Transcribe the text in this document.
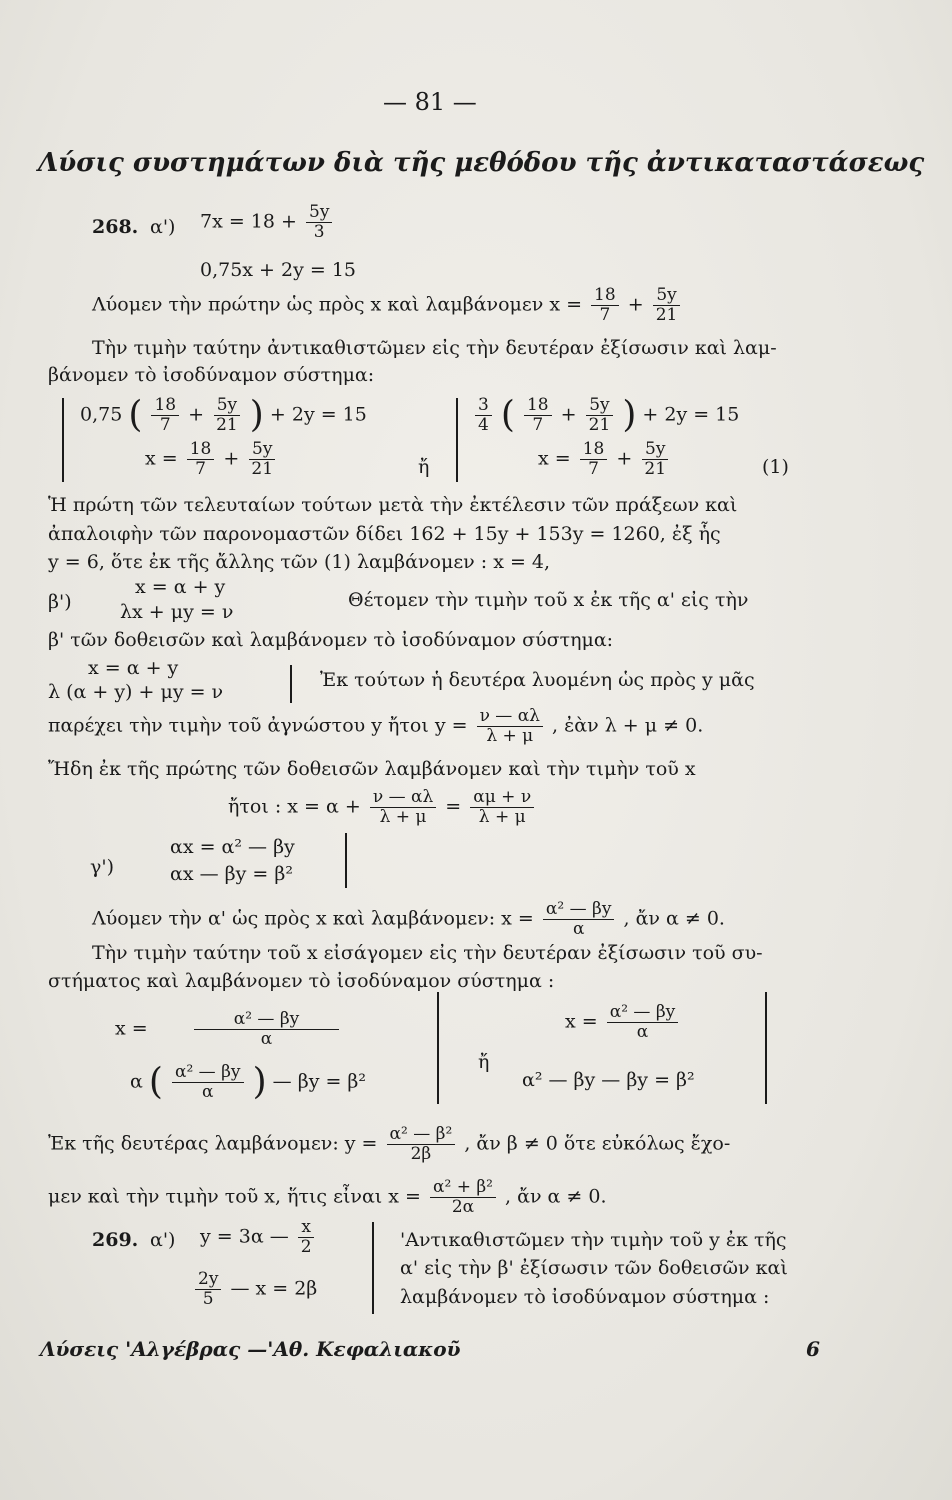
— 81 —
Λύσις συστημάτων διὰ τῆς μεθόδου τῆς ἀντικαταστάσεως
268. α') $7x = 18 + \frac{5y}{3}$
0,75x + 2y = 15
Λύομεν τὴν πρώτην ὡς πρὸς x καὶ λαμβάνομεν $x = \frac{18}{7} + \frac{5y}{21}$
Τὴν τιμὴν ταύτην ἀντικαθιστῶμεν εἰς τὴν δευτέραν ἐξίσωσιν καὶ λαμ-
βάνομεν τὸ ἰσοδύναμον σύστημα:
0,75 ( $\frac{18}{7} + \frac{5y}{21}$ ) + 2y = 15
$x = \frac{18}{7} + \frac{5y}{21}$	ἤ
$\frac{3}{4}$ ( $\frac{18}{7} + \frac{5y}{21}$ ) + 2y = 15
$x = \frac{18}{7} + \frac{5y}{21}$	(1)
Ἡ πρώτη τῶν τελευταίων τούτων μετὰ τὴν ἐκτέλεσιν τῶν πράξεων καὶ
ἀπαλοιφὴν τῶν παρονομαστῶν δίδει 162 + 15y + 153y = 1260, ἐξ ἧς
y = 6, ὅτε ἐκ τῆς ἄλλης τῶν (1) λαμβάνομεν : x = 4,
β')
x = α + y
λx + μy = ν
Θέτομεν τὴν τιμὴν τοῦ x ἐκ τῆς α' εἰς τὴν
β' τῶν δοθεισῶν καὶ λαμβάνομεν τὸ ἰσοδύναμον σύστημα:
x = α + y
λ (α + y) + μy = ν
Ἐκ τούτων ἡ δευτέρα λυομένη ὡς πρὸς y μᾶς
παρέχει τὴν τιμὴν τοῦ ἀγνώστου y ἤτοι $y = \frac{\nu — \alpha\lambda}{\lambda + \mu}$ , ἐὰν λ + μ ≠ 0.
Ἤδη ἐκ τῆς πρώτης τῶν δοθεισῶν λαμβάνομεν καὶ τὴν τιμὴν τοῦ x
ἤτοι : $x = \alpha + \frac{\nu — \alpha\lambda}{\lambda + \mu} = \frac{\alpha\mu + \nu}{\lambda + \mu}$
γ')
αx = α² — βy
αx — βy = β²
Λύομεν τὴν α' ὡς πρὸς x καὶ λαμβάνομεν: $x = \frac{\text{α² — βy}}{\alpha}$ , ἄν α ≠ 0.
Τὴν τιμὴν ταύτην τοῦ x εἰσάγομεν εἰς τὴν δευτέραν ἐξίσωσιν τοῦ συ-
στήματος καὶ λαμβάνομεν τὸ ἰσοδύναμον σύστημα :
x =	$\frac{\text{α² — βy}}{\alpha}$
α ( $\frac{\text{α² — βy}}{\alpha}$ ) — βy = β²
ἤ
$x = \frac{\text{α² — βy}}{\alpha}$
α² — βy — βy = β²
Ἐκ τῆς δευτέρας λαμβάνομεν: $y = \frac{\text{α² — β²}}{2\beta}$ , ἄν β ≠ 0 ὅτε εὐκόλως ἔχο-
μεν καὶ τὴν τιμὴν τοῦ x, ἥτις εἶναι $x = \frac{\text{α² + β²}}{2\alpha}$ , ἄν α ≠ 0.
269. α') y = 3α — $\frac{x}{2}$
$\frac{2y}{5}$ — x = 2β
'Αντικαθιστῶμεν τὴν τιμὴν τοῦ y ἐκ τῆς
α' εἰς τὴν β' ἐξίσωσιν τῶν δοθεισῶν καὶ
λαμβάνομεν τὸ ἰσοδύναμον σύστημα :
Λύσεις 'Αλγέβρας —'Αθ. Κεφαλιακοῦ	6
